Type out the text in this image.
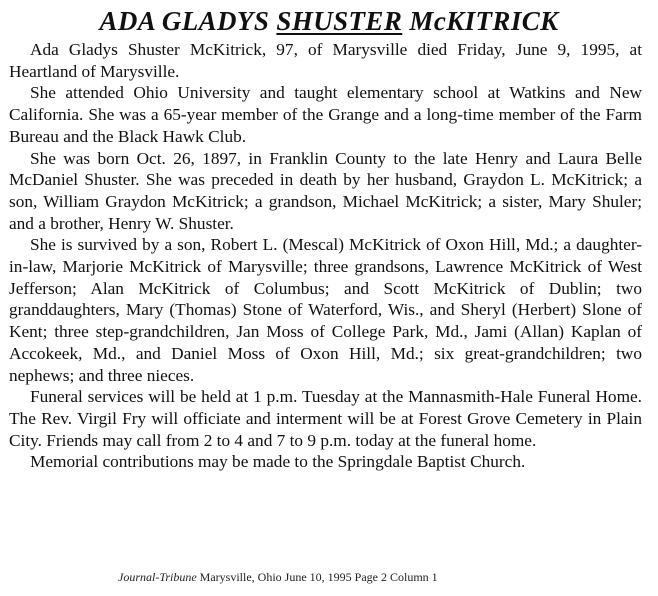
ADA GLADYS SHUSTER McKITRICK

Ada Gladys Shuster McKitrick, 97, of Marysville died Friday, June 9, 1995, at Heartland of Marysville.

She attended Ohio University and taught elementary school at Watkins and New California. She was a 65-year member of the Grange and a long-time member of the Farm Bureau and the Black Hawk Club.

She was born Oct. 26, 1897, in Franklin County to the late Henry and Laura Belle McDaniel Shuster. She was preceded in death by her husband, Graydon L. McKitrick; a son, William Graydon McKitrick; a grandson, Michael McKitrick; a sister, Mary Shuler; and a brother, Henry W. Shuster.

She is survived by a son, Robert L. (Mescal) McKitrick of Oxon Hill, Md.; a daughter-in-law, Marjorie McKitrick of Marysville; three grandsons, Lawrence McKitrick of West Jefferson; Alan McKitrick of Columbus; and Scott McKitrick of Dublin; two granddaughters, Mary (Thomas) Stone of Waterford, Wis., and Sheryl (Herbert) Slone of Kent; three step-grandchildren, Jan Moss of College Park, Md., Jami (Allan) Kaplan of Accokeek, Md., and Daniel Moss of Oxon Hill, Md.; six great-grandchildren; two nephews; and three nieces.

Funeral services will be held at 1 p.m. Tuesday at the Mannasmith-Hale Funeral Home. The Rev. Virgil Fry will officiate and interment will be at Forest Grove Cemetery in Plain City. Friends may call from 2 to 4 and 7 to 9 p.m. today at the funeral home.

Memorial contributions may be made to the Springdale Baptist Church.

Journal-Tribune Marysville, Ohio June 10, 1995 Page 2 Column 1
